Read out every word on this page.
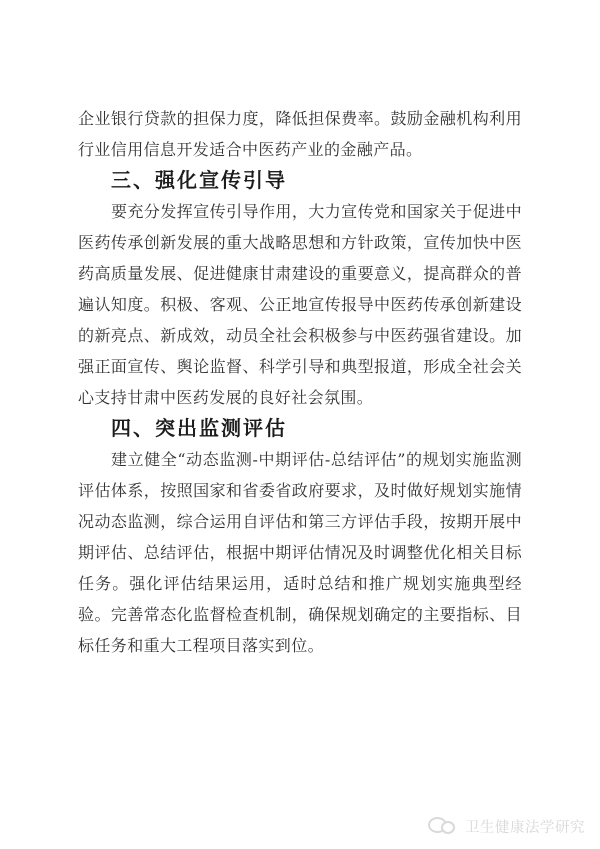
企业银行贷款的担保力度，降低担保费率。鼓励金融机构利用行业信用信息开发适合中医药产业的金融产品。

三、强化宣传引导

要充分发挥宣传引导作用，大力宣传党和国家关于促进中医药传承创新发展的重大战略思想和方针政策，宣传加快中医药高质量发展、促进健康甘肃建设的重要意义，提高群众的普遍认知度。积极、客观、公正地宣传报导中医药传承创新建设的新亮点、新成效，动员全社会积极参与中医药强省建设。加强正面宣传、舆论监督、科学引导和典型报道，形成全社会关心支持甘肃中医药发展的良好社会氛围。

四、突出监测评估

建立健全“动态监测-中期评估-总结评估”的规划实施监测评估体系，按照国家和省委省政府要求，及时做好规划实施情况动态监测，综合运用自评估和第三方评估手段，按期开展中期评估、总结评估，根据中期评估情况及时调整优化相关目标任务。强化评估结果运用，适时总结和推广规划实施典型经验。完善常态化监督检查机制，确保规划确定的主要指标、目标任务和重大工程项目落实到位。

卫生健康法学研究
